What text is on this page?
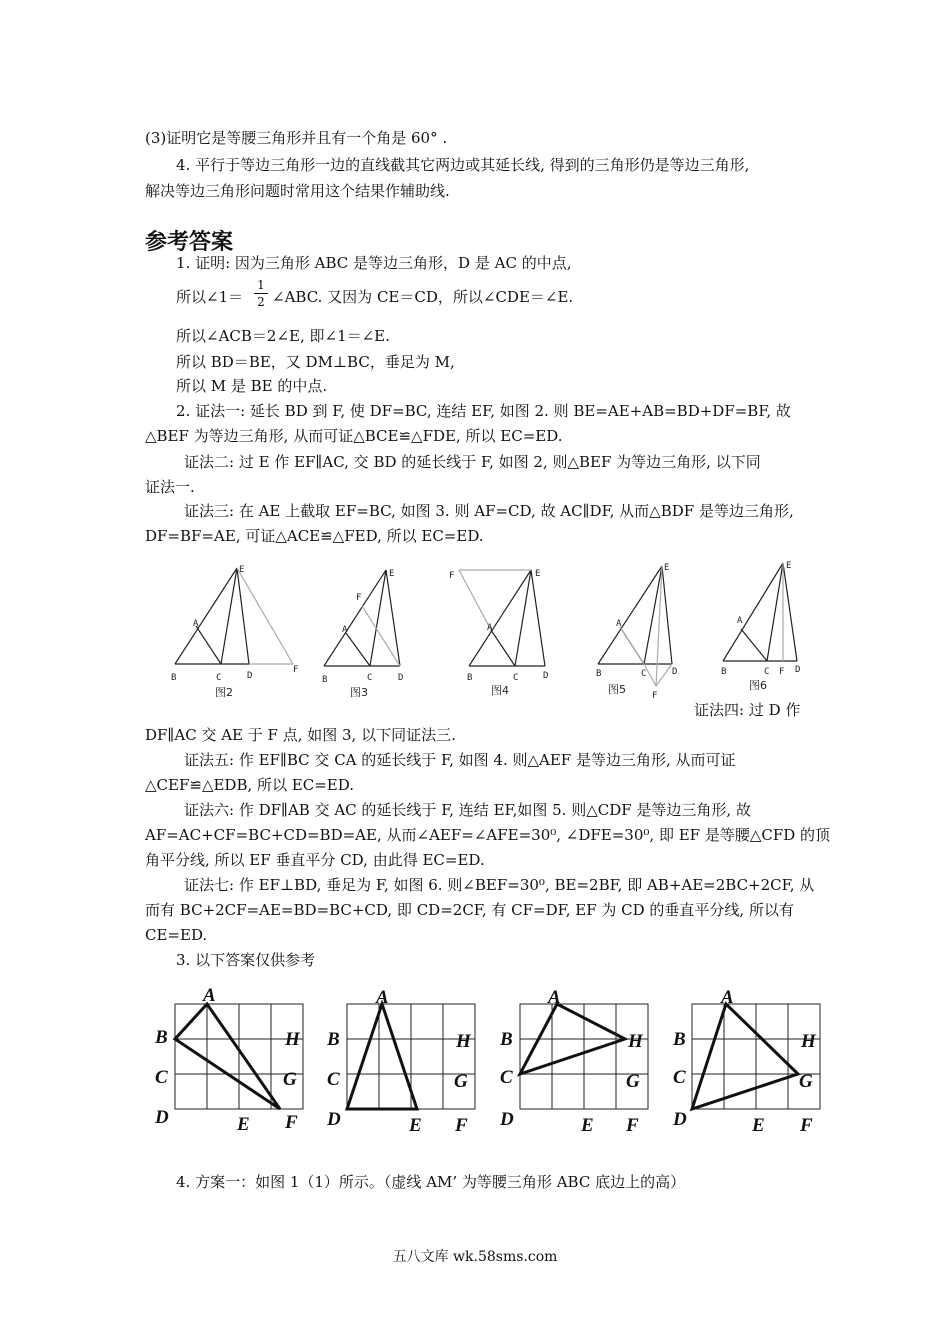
(3)证明它是等腰三角形并且有一个角是 60° .
4. 平行于等边三角形一边的直线截其它两边或其延长线, 得到的三角形仍是等边三角形,
解决等边三角形问题时常用这个结果作辅助线.
参考答案
1. 证明: 因为三角形 ABC 是等边三角形，D 是 AC 的中点,
所以∠1＝
1
2 ∠ABC. 又因为 CE＝CD，所以∠CDE＝∠E.
所以∠ACB＝2∠E, 即∠1＝∠E.
所以 BD＝BE，又 DM⊥BC，垂足为 M,
所以 M 是 BE 的中点.
2. 证法一: 延长 BD 到 F, 使 DF=BC, 连结 EF, 如图 2. 则 BE=AE+AB=BD+DF=BF, 故
△BEF 为等边三角形, 从而可证△BCE≌△FDE, 所以 EC=ED.
证法二: 过 E 作 EF∥AC, 交 BD 的延长线于 F, 如图 2, 则△BEF 为等边三角形, 以下同
证法一.
证法三: 在 AE 上截取 EF=BC, 如图 3. 则 AF=CD, 故 AC∥DF, 从而△BDF 是等边三角形,
DF=BF=AE, 可证△ACE≌△FED, 所以 EC=ED.
A
B	C	D
E
F
图2
F
A
B	C	D
E
图3
F
A
B	C	D
E
图4
A
B	C	D
E
F
图5
A
B	C F D
E
图6
证法四: 过 D 作
DF∥AC 交 AE 于 F 点, 如图 3, 以下同证法三.
证法五: 作 EF∥BC 交 CA 的延长线于 F, 如图 4. 则△AEF 是等边三角形, 从而可证
△CEF≌△EDB, 所以 EC=ED.
证法六: 作 DF∥AB 交 AC 的延长线于 F, 连结 EF,如图 5. 则△CDF 是等边三角形, 故
AF=AC+CF=BC+CD=BD=AE, 从而∠AEF=∠AFE=30⁰, ∠DFE=30⁰, 即 EF 是等腰△CFD 的顶
角平分线, 所以 EF 垂直平分 CD, 由此得 EC=ED.
证法七: 作 EF⊥BD, 垂足为 F, 如图 6. 则∠BEF=30⁰, BE=2BF, 即 AB+AE=2BC+2CF, 从
而有 BC+2CF=AE=BD=BC+CD, 即 CD=2CF, 有 CF=DF, EF 为 CD 的垂直平分线, 所以有
CE=ED.
3. 以下答案仅供参考
A
B
C
D	E F
G
H
A
B
C
D	E F
G
H
A
B
C
D	E F
G
H
A
B
C
D	E F
G
H
4. 方案一：如图 1（1）所示。（虚线 AM’ 为等腰三角形 ABC 底边上的高）
五八文库 wk.58sms.com
